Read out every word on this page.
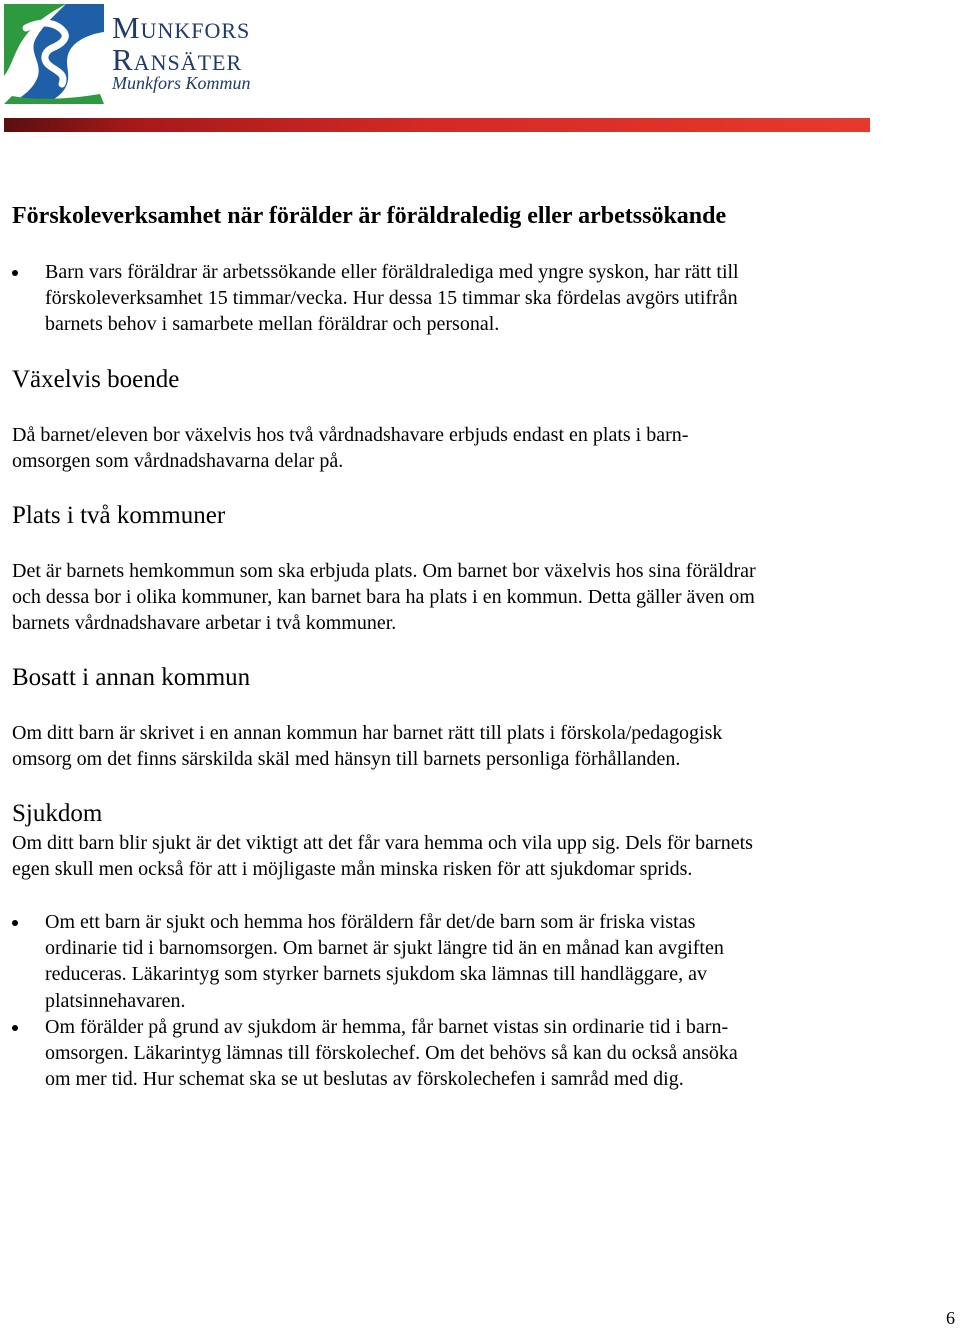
Munkfors
Ransäter
Munkfors Kommun
Förskoleverksamhet när förälder är föräldraledig eller arbetssökande
Barn vars föräldrar är arbetssökande eller föräldralediga med yngre syskon, har rätt till
förskoleverksamhet 15 timmar/vecka. Hur dessa 15 timmar ska fördelas avgörs utifrån
barnets behov i samarbete mellan föräldrar och personal.
Växelvis boende

Då barnet/eleven bor växelvis hos två vårdnadshavare erbjuds endast en plats i barn-
omsorgen som vårdnadshavarna delar på.

Plats i två kommuner

Det är barnets hemkommun som ska erbjuda plats. Om barnet bor växelvis hos sina föräldrar
och dessa bor i olika kommuner, kan barnet bara ha plats i en kommun. Detta gäller även om
barnets vårdnadshavare arbetar i två kommuner.

Bosatt i annan kommun

Om ditt barn är skrivet i en annan kommun har barnet rätt till plats i förskola/pedagogisk
omsorg om det finns särskilda skäl med hänsyn till barnets personliga förhållanden.

Sjukdom

Om ditt barn blir sjukt är det viktigt att det får vara hemma och vila upp sig. Dels för barnets
egen skull men också för att i möjligaste mån minska risken för att sjukdomar sprids.

Om ett barn är sjukt och hemma hos föräldern får det/de barn som är friska vistas
ordinarie tid i barnomsorgen. Om barnet är sjukt längre tid än en månad kan avgiften
reduceras. Läkarintyg som styrker barnets sjukdom ska lämnas till handläggare, av
platsinnehavaren.
Om förälder på grund av sjukdom är hemma, får barnet vistas sin ordinarie tid i barn-
omsorgen. Läkarintyg lämnas till förskolechef. Om det behövs så kan du också ansöka
om mer tid. Hur schemat ska se ut beslutas av förskolechefen i samråd med dig.
6
